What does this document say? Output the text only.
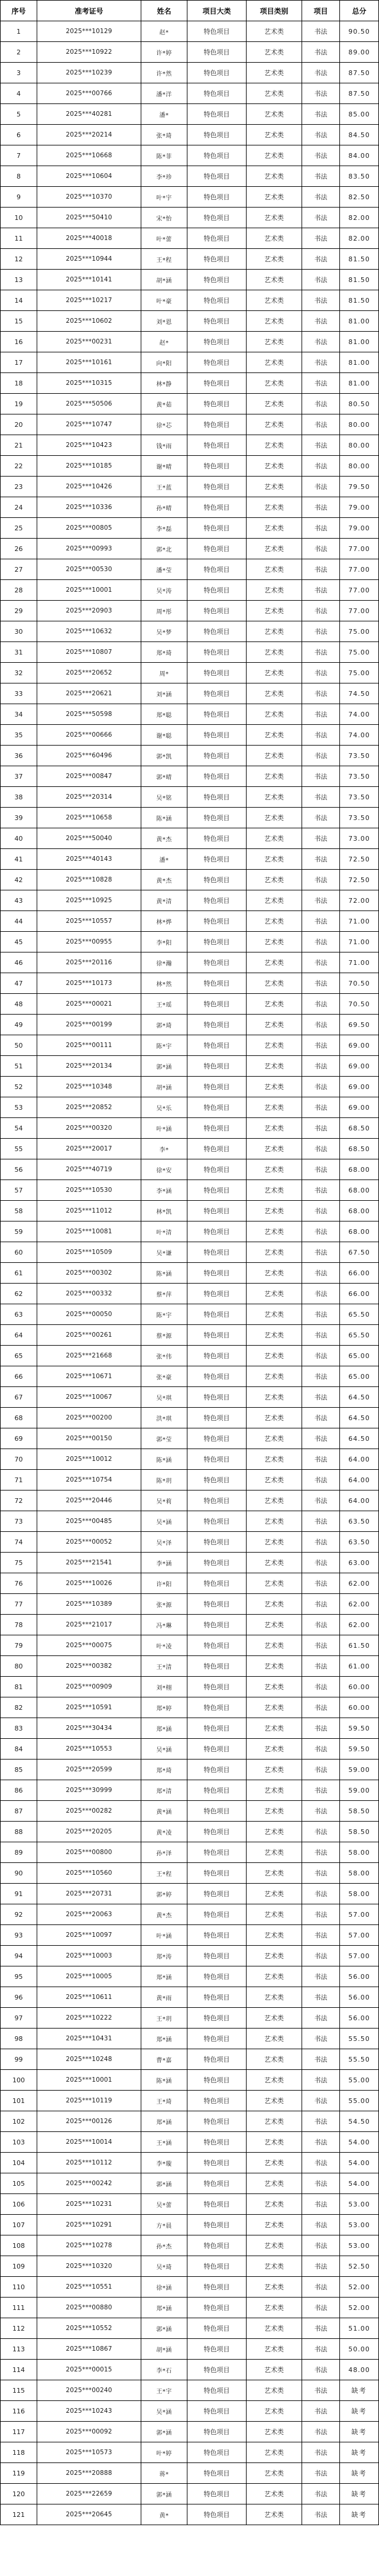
序号	准考证号	姓名	项目大类	项目类别	项目	总分
1	2025***10129	赵*	特色项目	艺术类	书法	90.50
2	2025***10922	许*婷	特色项目	艺术类	书法	89.00
3	2025***10239	许*然	特色项目	艺术类	书法	87.50
4	2025***00766	潘*洋	特色项目	艺术类	书法	87.50
5	2025***40281	潘*	特色项目	艺术类	书法	85.00
6	2025***20214	张*琦	特色项目	艺术类	书法	84.50
7	2025***10668	陈*菲	特色项目	艺术类	书法	84.00
8	2025***10604	李*珍	特色项目	艺术类	书法	83.50
9	2025***10370	叶*宇	特色项目	艺术类	书法	82.50
10	2025***50410	宋*怡	特色项目	艺术类	书法	82.00
11	2025***40018	叶*蕾	特色项目	艺术类	书法	82.00
12	2025***10944	王*程	特色项目	艺术类	书法	81.50
13	2025***10141	胡*涵	特色项目	艺术类	书法	81.50
14	2025***10217	叶*豪	特色项目	艺术类	书法	81.50
15	2025***10602	刘*恩	特色项目	艺术类	书法	81.00
16	2025***00231	赵*	特色项目	艺术类	书法	81.00
17	2025***10161	向*阳	特色项目	艺术类	书法	81.00
18	2025***10315	林*静	特色项目	艺术类	书法	81.00
19	2025***50506	黄*茹	特色项目	艺术类	书法	80.50
20	2025***10747	徐*芯	特色项目	艺术类	书法	80.00
21	2025***10423	钱*雨	特色项目	艺术类	书法	80.00
22	2025***10185	谢*晴	特色项目	艺术类	书法	80.00
23	2025***10426	王*蓝	特色项目	艺术类	书法	79.50
24	2025***10336	孙*晴	特色项目	艺术类	书法	79.00
25	2025***00805	李*磊	特色项目	艺术类	书法	79.00
26	2025***00993	郭*北	特色项目	艺术类	书法	77.00
27	2025***00530	潘*莹	特色项目	艺术类	书法	77.00
28	2025***10001	吴*涛	特色项目	艺术类	书法	77.00
29	2025***20903	周*彤	特色项目	艺术类	书法	77.00
30	2025***10632	吴*梦	特色项目	艺术类	书法	75.00
31	2025***10807	郑*琦	特色项目	艺术类	书法	75.00
32	2025***20652	周*	特色项目	艺术类	书法	75.00
33	2025***20621	刘*涵	特色项目	艺术类	书法	74.50
34	2025***50598	郑*聪	特色项目	艺术类	书法	74.00
35	2025***00666	谢*聪	特色项目	艺术类	书法	74.00
36	2025***60496	郭*凯	特色项目	艺术类	书法	73.50
37	2025***00847	郭*晴	特色项目	艺术类	书法	73.50
38	2025***20314	吴*铭	特色项目	艺术类	书法	73.50
39	2025***10658	陈*涵	特色项目	艺术类	书法	73.50
40	2025***50040	黄*杰	特色项目	艺术类	书法	73.00
41	2025***40143	潘*	特色项目	艺术类	书法	72.50
42	2025***10828	黄*杰	特色项目	艺术类	书法	72.50
43	2025***10925	黄*清	特色项目	艺术类	书法	72.00
44	2025***10557	林*烨	特色项目	艺术类	书法	71.00
45	2025***00955	李*阳	特色项目	艺术类	书法	71.00
46	2025***20116	徐*瀚	特色项目	艺术类	书法	71.00
47	2025***10173	林*然	特色项目	艺术类	书法	70.50
48	2025***00021	王*瑶	特色项目	艺术类	书法	70.50
49	2025***00199	郭*琦	特色项目	艺术类	书法	69.50
50	2025***00111	陈*宇	特色项目	艺术类	书法	69.00
51	2025***20134	郭*涵	特色项目	艺术类	书法	69.00
52	2025***10348	胡*涵	特色项目	艺术类	书法	69.00
53	2025***20852	吴*乐	特色项目	艺术类	书法	69.00
54	2025***00320	叶*涵	特色项目	艺术类	书法	68.50
55	2025***20017	李*	特色项目	艺术类	书法	68.50
56	2025***40719	徐*安	特色项目	艺术类	书法	68.00
57	2025***10530	李*涵	特色项目	艺术类	书法	68.00
58	2025***11012	林*凯	特色项目	艺术类	书法	68.00
59	2025***10081	叶*清	特色项目	艺术类	书法	68.00
60	2025***10509	吴*谦	特色项目	艺术类	书法	67.50
61	2025***00302	陈*涵	特色项目	艺术类	书法	66.00
62	2025***00332	蔡*萍	特色项目	艺术类	书法	66.00
63	2025***00050	陈*宇	特色项目	艺术类	书法	65.50
64	2025***00261	蔡*源	特色项目	艺术类	书法	65.50
65	2025***21668	张*伟	特色项目	艺术类	书法	65.00
66	2025***10671	张*豪	特色项目	艺术类	书法	65.00
67	2025***10067	吴*琪	特色项目	艺术类	书法	64.50
68	2025***00200	洪*琪	特色项目	艺术类	书法	64.50
69	2025***00150	郭*莹	特色项目	艺术类	书法	64.50
70	2025***10012	陈*涵	特色项目	艺术类	书法	64.00
71	2025***10754	陈*玥	特色项目	艺术类	书法	64.00
72	2025***20446	吴*莉	特色项目	艺术类	书法	64.00
73	2025***00485	吴*涵	特色项目	艺术类	书法	63.50
74	2025***00052	吴*泽	特色项目	艺术类	书法	63.50
75	2025***21541	李*涵	特色项目	艺术类	书法	63.00
76	2025***10026	许*阳	特色项目	艺术类	书法	62.00
77	2025***10389	张*源	特色项目	艺术类	书法	62.00
78	2025***21017	冯*琳	特色项目	艺术类	书法	62.00
79	2025***00075	叶*凌	特色项目	艺术类	书法	61.50
80	2025***00382	王*清	特色项目	艺术类	书法	61.00
81	2025***00909	刘*栩	特色项目	艺术类	书法	60.00
82	2025***10591	郑*婷	特色项目	艺术类	书法	60.00
83	2025***30434	郑*涵	特色项目	艺术类	书法	59.50
84	2025***10553	吴*涵	特色项目	艺术类	书法	59.50
85	2025***20599	郑*琦	特色项目	艺术类	书法	59.00
86	2025***30999	郑*清	特色项目	艺术类	书法	59.00
87	2025***00282	黄*涵	特色项目	艺术类	书法	58.50
88	2025***20205	黄*凌	特色项目	艺术类	书法	58.50
89	2025***00800	孙*泽	特色项目	艺术类	书法	58.00
90	2025***10560	王*程	特色项目	艺术类	书法	58.00
91	2025***20731	郭*婷	特色项目	艺术类	书法	58.00
92	2025***20063	黄*杰	特色项目	艺术类	书法	57.00
93	2025***10097	叶*涵	特色项目	艺术类	书法	57.00
94	2025***10003	郑*涛	特色项目	艺术类	书法	57.00
95	2025***10005	郑*涵	特色项目	艺术类	书法	56.00
96	2025***10611	黄*雨	特色项目	艺术类	书法	56.00
97	2025***10222	王*玥	特色项目	艺术类	书法	56.00
98	2025***10431	郑*涵	特色项目	艺术类	书法	55.50
99	2025***10248	曹*嘉	特色项目	艺术类	书法	55.50
100	2025***10001	陈*涵	特色项目	艺术类	书法	55.00
101	2025***10119	王*琦	特色项目	艺术类	书法	55.00
102	2025***00126	郑*涵	特色项目	艺术类	书法	54.50
103	2025***10014	王*涵	特色项目	艺术类	书法	54.00
104	2025***10112	李*璇	特色项目	艺术类	书法	54.00
105	2025***00242	郭*涵	特色项目	艺术类	书法	54.00
106	2025***10231	吴*蕾	特色项目	艺术类	书法	53.00
107	2025***10291	方*晨	特色项目	艺术类	书法	53.00
108	2025***10278	孙*杰	特色项目	艺术类	书法	53.00
109	2025***10320	吴*琦	特色项目	艺术类	书法	52.50
110	2025***10551	徐*涵	特色项目	艺术类	书法	52.00
111	2025***00880	郑*涵	特色项目	艺术类	书法	52.00
112	2025***10552	郭*涵	特色项目	艺术类	书法	51.00
113	2025***10867	胡*涵	特色项目	艺术类	书法	50.00
114	2025***00015	李*石	特色项目	艺术类	书法	48.00
115	2025***00240	王*宇	特色项目	艺术类	书法	缺考
116	2025***10243	吴*涵	特色项目	艺术类	书法	缺考
117	2025***00092	郭*涵	特色项目	艺术类	书法	缺考
118	2025***10573	叶*婷	特色项目	艺术类	书法	缺考
119	2025***20888	蒋*	特色项目	艺术类	书法	缺考
120	2025***22659	郭*涵	特色项目	艺术类	书法	缺考
121	2025***20645	黄*	特色项目	艺术类	书法	缺考
